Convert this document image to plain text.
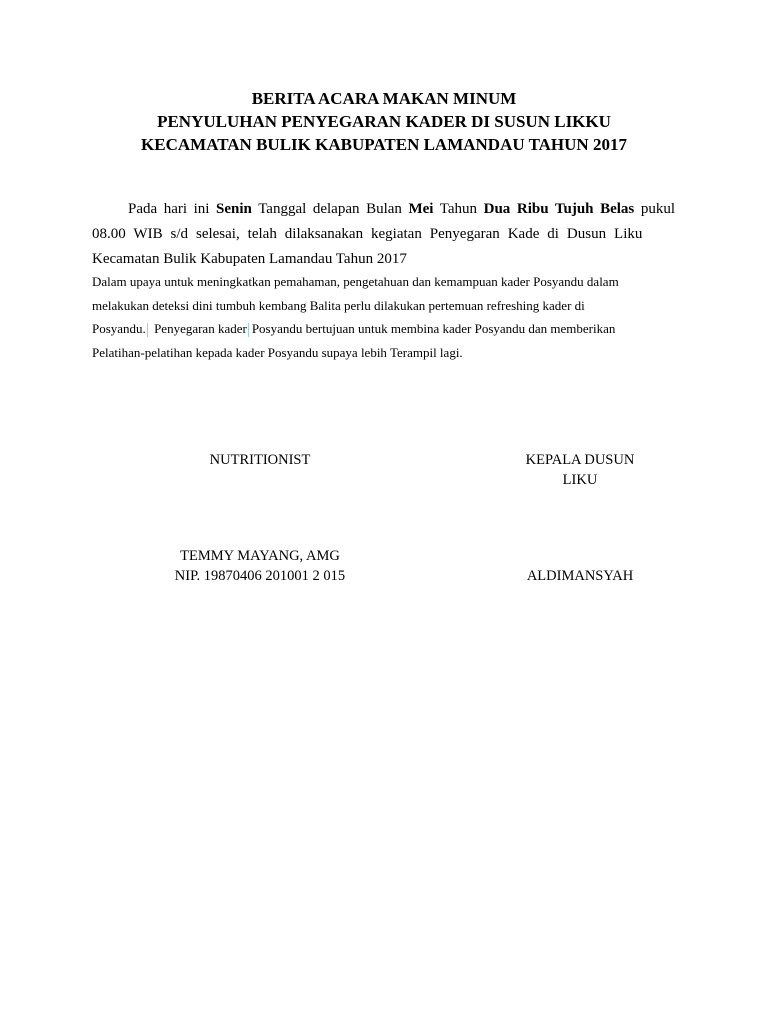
BERITA ACARA MAKAN MINUM
PENYULUHAN PENYEGARAN KADER DI SUSUN LIKKU
KECAMATAN BULIK KABUPATEN LAMANDAU TAHUN 2017
Pada hari ini Senin Tanggal delapan Bulan Mei Tahun Dua Ribu Tujuh Belas pukul
08.00 WIB s/d selesai, telah dilaksanakan kegiatan Penyegaran Kade di Dusun Liku
Kecamatan Bulik Kabupaten Lamandau Tahun 2017
Dalam upaya untuk meningkatkan pemahaman, pengetahuan dan kemampuan kader Posyandu dalam
melakukan deteksi dini tumbuh kembang Balita perlu dilakukan pertemuan refreshing kader di
Posyandu. Penyegaran kader Posyandu bertujuan untuk membina kader Posyandu dan memberikan
Pelatihan-pelatihan kepada kader Posyandu supaya lebih Terampil lagi.
NUTRITIONIST
TEMMY MAYANG, AMG
NIP. 19870406 201001 2 015
KEPALA DUSUN
LIKU
ALDIMANSYAH
